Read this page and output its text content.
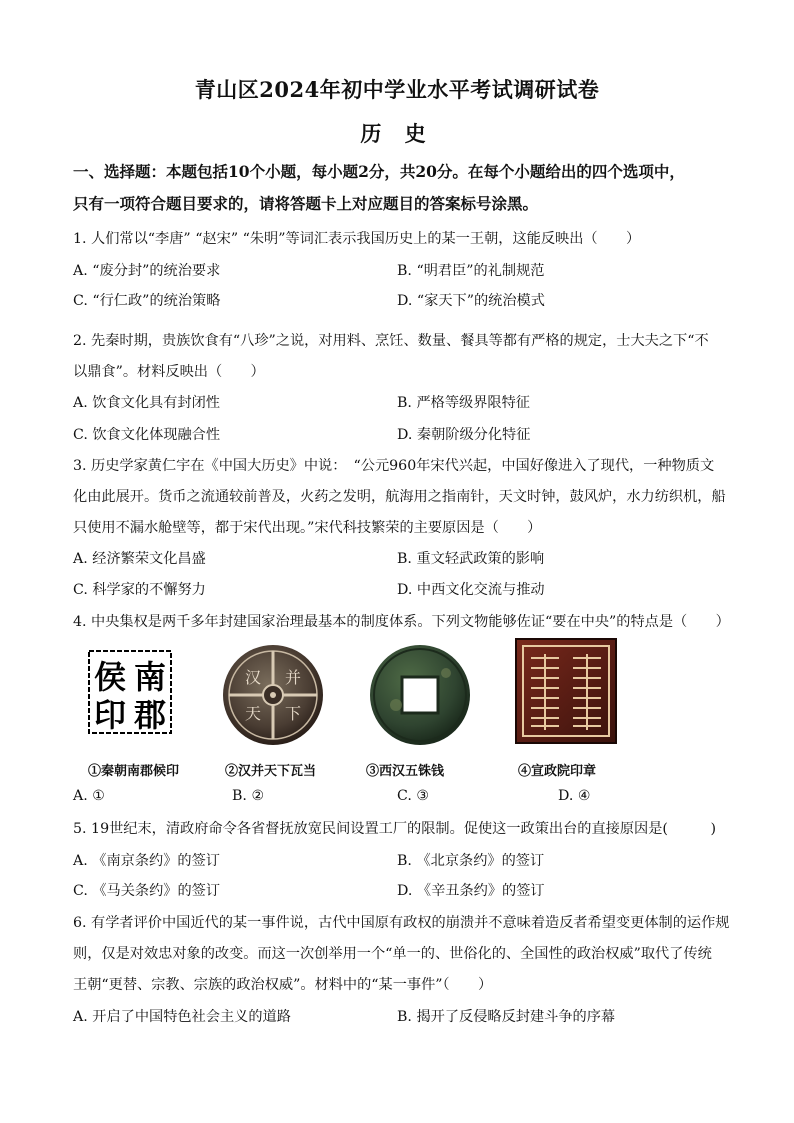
青山区2024年初中学业水平考试调研试卷
历 史
一、选择题：本题包括10个小题，每小题2分，共20分。在每个小题给出的四个选项中，
只有一项符合题目要求的，请将答题卡上对应题目的答案标号涂黑。
1. 人们常以“李唐” “赵宋” “朱明”等词汇表示我国历史上的某一王朝，这能反映出（　　）
A. “废分封”的统治要求	B. “明君臣”的礼制规范
C. “行仁政”的统治策略	D. “家天下”的统治模式
2. 先秦时期，贵族饮食有“八珍”之说，对用料、烹饪、数量、餐具等都有严格的规定，士大夫之下“不
以鼎食”。材料反映出（　　）
A. 饮食文化具有封闭性	B. 严格等级界限特征
C. 饮食文化体现融合性	D. 秦朝阶级分化特征
3. 历史学家黄仁宇在《中国大历史》中说：　“公元960年宋代兴起，中国好像进入了现代，一种物质文
化由此展开。货币之流通较前普及，火药之发明，航海用之指南针，天文时钟，鼓风炉，水力纺织机，船
只使用不漏水舱壁等，都于宋代出现。”宋代科技繁荣的主要原因是（　　）
A. 经济繁荣文化昌盛	B. 重文轻武政策的影响
C. 科学家的不懈努力	D. 中西文化交流与推动
4. 中央集权是两千多年封建国家治理最基本的制度体系。下列文物能够佐证“要在中央”的特点是（　　）
侯 南
印 郡
汉 并
天 下
①秦朝南郡候印	②汉并天下瓦当	③西汉五铢钱	④宣政院印章
A. ①	B. ②	C. ③	D. ④
5. 19世纪末，清政府命令各省督抚放宽民间设置工厂的限制。促使这一政策出台的直接原因是(　　　)
A. 《南京条约》的签订	B. 《北京条约》的签订
C. 《马关条约》的签订	D. 《辛丑条约》的签订
6. 有学者评价中国近代的某一事件说，古代中国原有政权的崩溃并不意味着造反者希望变更体制的运作规
则，仅是对效忠对象的改变。而这一次创举用一个“单一的、世俗化的、全国性的政治权威”取代了传统
王朝“更替、宗教、宗族的政治权威”。材料中的“某一事件”（　　）
A. 开启了中国特色社会主义的道路	B. 揭开了反侵略反封建斗争的序幕
